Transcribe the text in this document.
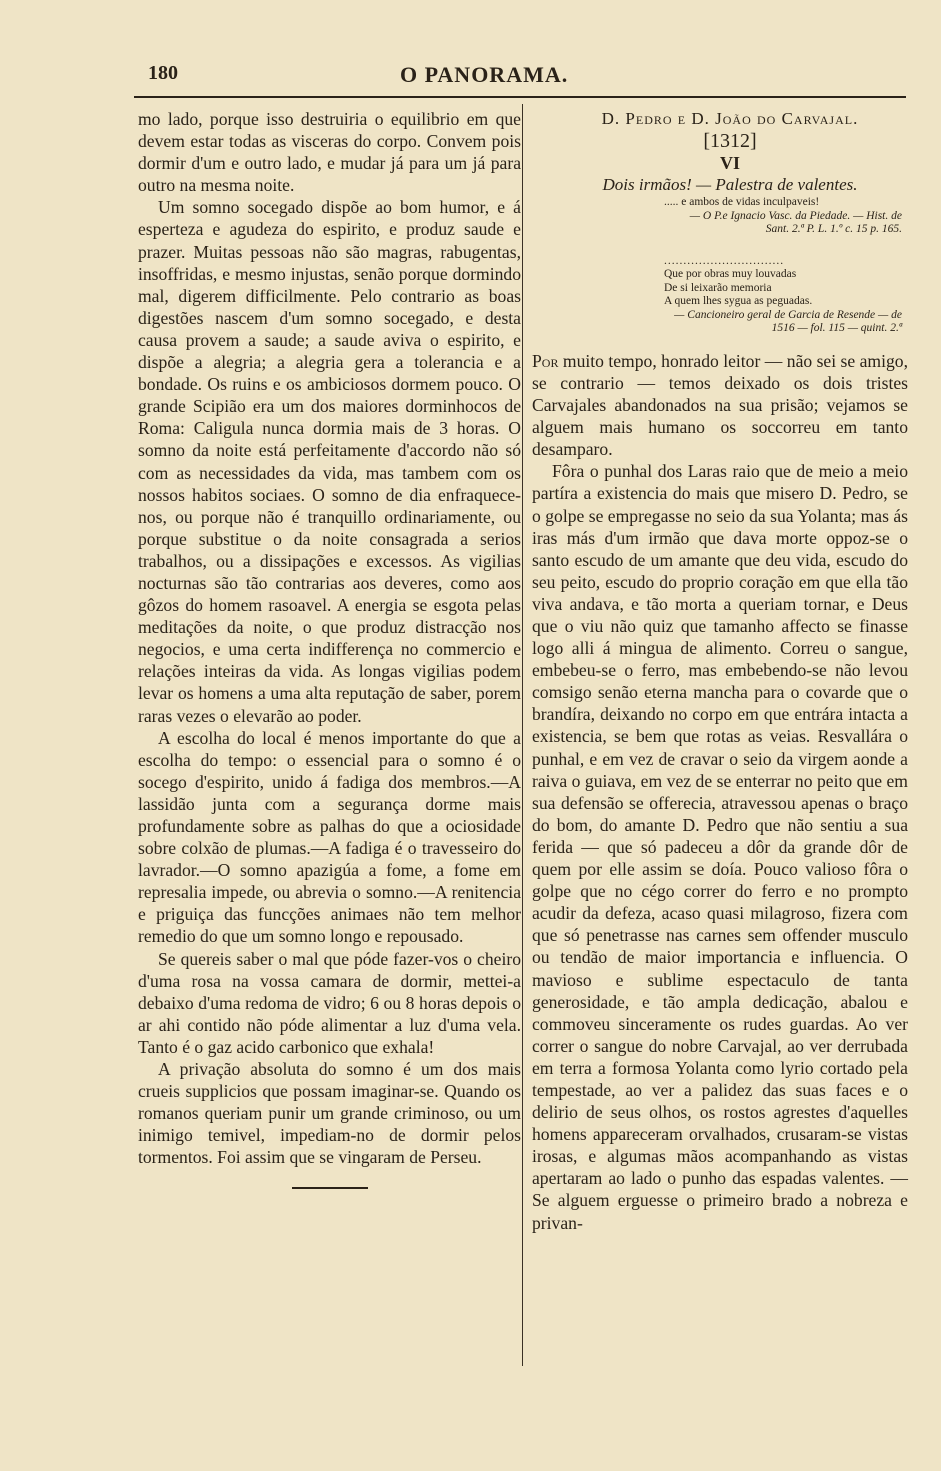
180	O PANORAMA.

mo lado, porque isso destruiria o equilibrio em que devem estar todas as visceras do corpo. Convem pois dormir d'um e outro lado, e mudar já para um já para outro na mesma noite.

Um somno socegado dispõe ao bom humor, e á esperteza e agudeza do espirito, e produz saude e prazer. Muitas pessoas não são magras, rabugentas, insoffridas, e mesmo injustas, senão porque dormindo mal, digerem difficilmente. Pelo contrario as boas digestões nascem d'um somno socegado, e desta causa provem a saude; a saude aviva o espirito, e dispõe a alegria; a alegria gera a tolerancia e a bondade. Os ruins e os ambiciosos dormem pouco. O grande Scipião era um dos maiores dorminhocos de Roma: Caligula nunca dormia mais de 3 horas. O somno da noite está perfeitamente d'accordo não só com as necessidades da vida, mas tambem com os nossos habitos sociaes. O somno de dia enfraquece-nos, ou porque não é tranquillo ordinariamente, ou porque substitue o da noite consagrada a serios trabalhos, ou a dissipações e excessos. As vigilias nocturnas são tão contrarias aos deveres, como aos gôzos do homem rasoavel. A energia se esgota pelas meditações da noite, o que produz distracção nos negocios, e uma certa indifferença no commercio e relações inteiras da vida. As longas vigilias podem levar os homens a uma alta reputação de saber, porem raras vezes o elevarão ao poder.

A escolha do local é menos importante do que a escolha do tempo: o essencial para o somno é o socego d'espirito, unido á fadiga dos membros.—A lassidão junta com a segurança dorme mais profundamente sobre as palhas do que a ociosidade sobre colxão de plumas.—A fadiga é o travesseiro do lavrador.—O somno apazigúa a fome, a fome em represalia impede, ou abrevia o somno.—A renitencia e priguiça das funcções animaes não tem melhor remedio do que um somno longo e repousado.

Se quereis saber o mal que póde fazer-vos o cheiro d'uma rosa na vossa camara de dormir, mettei-a debaixo d'uma redoma de vidro; 6 ou 8 horas depois o ar ahi contido não póde alimentar a luz d'uma vela. Tanto é o gaz acido carbonico que exhala!

A privação absoluta do somno é um dos mais crueis supplicios que possam imaginar-se. Quando os romanos queriam punir um grande criminoso, ou um inimigo temivel, impediam-no de dormir pelos tormentos. Foi assim que se vingaram de Perseu.

D. Pedro e D. João do Carvajal.

[1312]

VI

Dois irmãos! — Palestra de valentes.

..... e ambos de vidas inculpaveis!
— O P.e Ignacio Vasc. da Piedade. — Hist. de Sant. 2.ª P. L. 1.º c. 15 p. 165.
...............................
Que por obras muy louvadas
De si leixarão memoria
A quem lhes sygua as peguadas.
— Cancioneiro geral de Garcia de Resende — de 1516 — fol. 115 — quint. 2.ª

Por muito tempo, honrado leitor — não sei se amigo, se contrario — temos deixado os dois tristes Carvajales abandonados na sua prisão; vejamos se alguem mais humano os soccorreu em tanto desamparo.

Fôra o punhal dos Laras raio que de meio a meio partíra a existencia do mais que misero D. Pedro, se o golpe se empregasse no seio da sua Yolanta; mas ás iras más d'um irmão que dava morte oppoz-se o santo escudo de um amante que deu vida, escudo do seu peito, escudo do proprio coração em que ella tão viva andava, e tão morta a queriam tornar, e Deus que o viu não quiz que tamanho affecto se finasse logo alli á mingua de alimento. Correu o sangue, embebeu-se o ferro, mas embebendo-se não levou comsigo senão eterna mancha para o covarde que o brandíra, deixando no corpo em que entrára intacta a existencia, se bem que rotas as veias. Resvallára o punhal, e em vez de cravar o seio da virgem aonde a raiva o guiava, em vez de se enterrar no peito que em sua defensão se offerecia, atravessou apenas o braço do bom, do amante D. Pedro que não sentiu a sua ferida — que só padeceu a dôr da grande dôr de quem por elle assim se doía. Pouco valioso fôra o golpe que no cégo correr do ferro e no prompto acudir da defeza, acaso quasi milagroso, fizera com que só penetrasse nas carnes sem offender musculo ou tendão de maior importancia e influencia. O mavioso e sublime espectaculo de tanta generosidade, e tão ampla dedicação, abalou e commoveu sinceramente os rudes guardas. Ao ver correr o sangue do nobre Carvajal, ao ver derrubada em terra a formosa Yolanta como lyrio cortado pela tempestade, ao ver a palidez das suas faces e o delirio de seus olhos, os rostos agrestes d'aquelles homens appareceram orvalhados, crusaram-se vistas irosas, e algumas mãos acompanhando as vistas apertaram ao lado o punho das espadas valentes. — Se alguem erguesse o primeiro brado a nobreza e privan-
